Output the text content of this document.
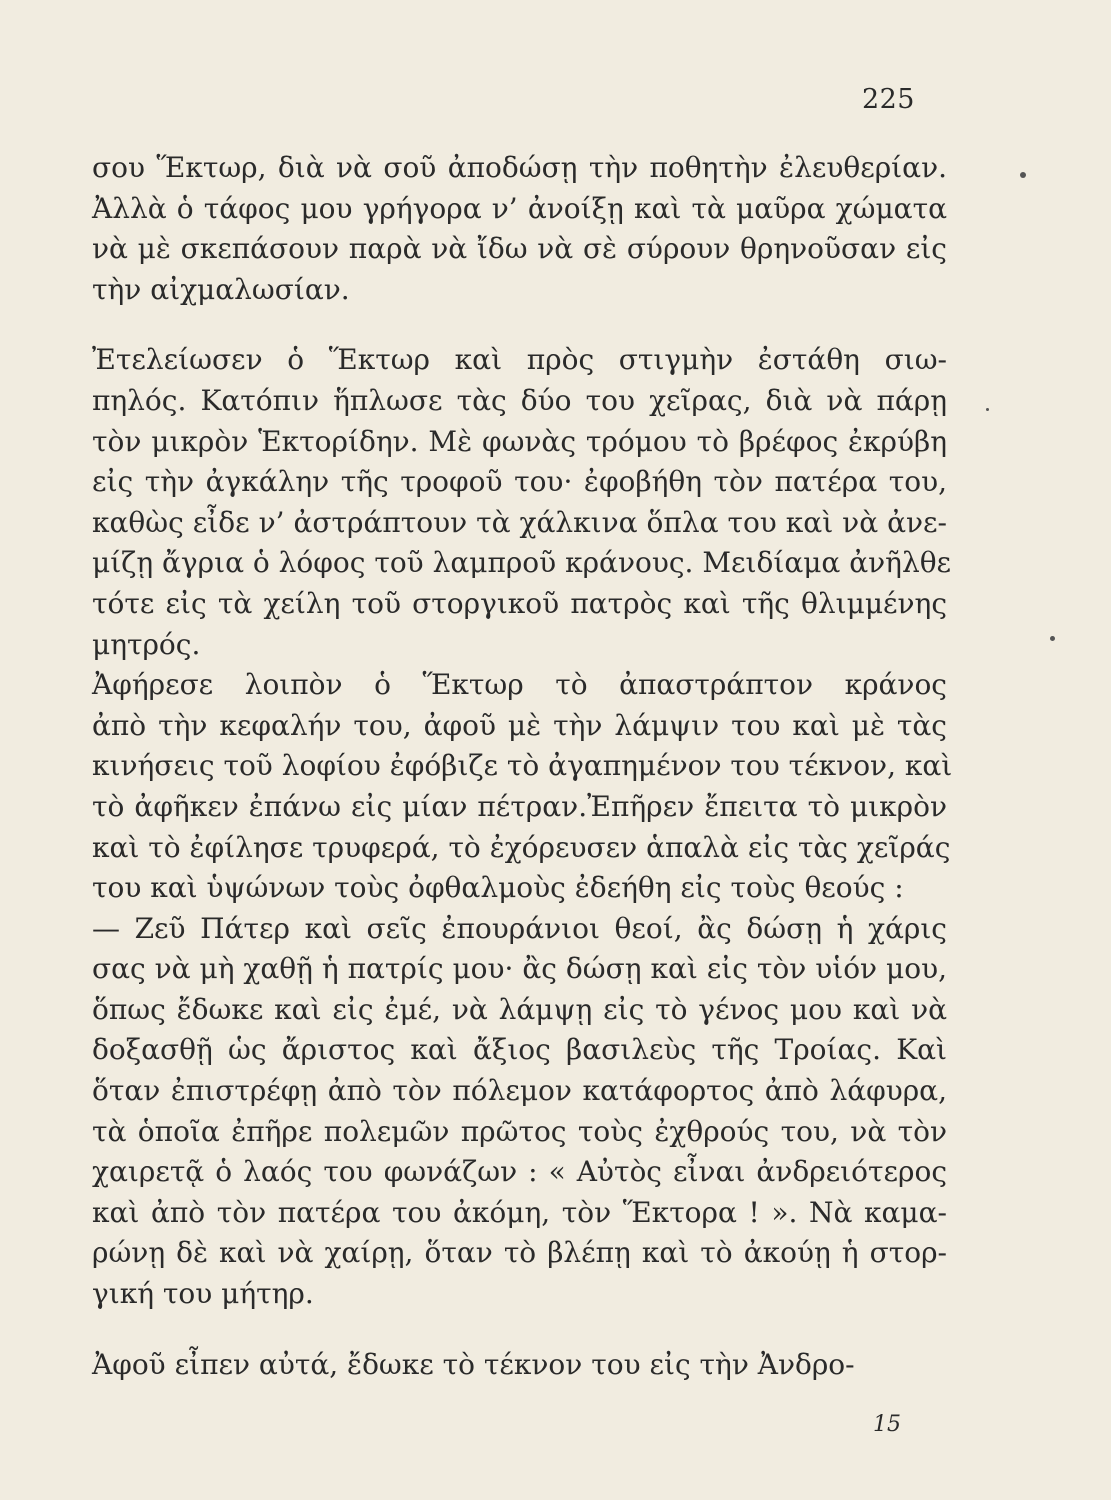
225

σου Ἕκτωρ, διὰ νὰ σοῦ ἀποδώσῃ τὴν ποθητὴν ἐλευθερίαν.
Ἀλλὰ ὁ τάφος μου γρήγορα ν’ ἀνοίξῃ καὶ τὰ μαῦρα χώματα
νὰ μὲ σκεπάσουν παρὰ νὰ ἴδω νὰ σὲ σύρουν θρηνοῦσαν εἰς
τὴν αἰχμαλωσίαν.

Ἐτελείωσεν ὁ Ἕκτωρ καὶ πρὸς στιγμὴν ἐστάθη σιω-
πηλός. Κατόπιν ἥπλωσε τὰς δύο του χεῖρας, διὰ νὰ πάρῃ
τὸν μικρὸν Ἑκτορίδην. Μὲ φωνὰς τρόμου τὸ βρέφος ἐκρύβη
εἰς τὴν ἀγκάλην τῆς τροφοῦ του· ἐφοβήθη τὸν πατέρα του,
καθὼς εἶδε ν’ ἀστράπτουν τὰ χάλκινα ὅπλα του καὶ νὰ ἀνε-
μίζῃ ἄγρια ὁ λόφος τοῦ λαμπροῦ κράνους. Μειδίαμα ἀνῆλθε
τότε εἰς τὰ χείλη τοῦ στοργικοῦ πατρὸς καὶ τῆς θλιμμένης
μητρός.

Ἀφήρεσε λοιπὸν ὁ Ἕκτωρ τὸ ἀπαστράπτον κράνος
ἀπὸ τὴν κεφαλήν του, ἀφοῦ μὲ τὴν λάμψιν του καὶ μὲ τὰς
κινήσεις τοῦ λοφίου ἐφόβιζε τὸ ἀγαπημένον του τέκνον, καὶ
τὸ ἀφῆκεν ἐπάνω εἰς μίαν πέτραν.Ἐπῆρεν ἔπειτα τὸ μικρὸν
καὶ τὸ ἐφίλησε τρυφερά, τὸ ἐχόρευσεν ἁπαλὰ εἰς τὰς χεῖράς
του καὶ ὑψώνων τοὺς ὀφθαλμοὺς ἐδεήθη εἰς τοὺς θεούς :

— Ζεῦ Πάτερ καὶ σεῖς ἐπουράνιοι θεοί, ἂς δώσῃ ἡ χάρις
σας νὰ μὴ χαθῇ ἡ πατρίς μου· ἂς δώσῃ καὶ εἰς τὸν υἱόν μου,
ὅπως ἔδωκε καὶ εἰς ἐμέ, νὰ λάμψῃ εἰς τὸ γένος μου καὶ νὰ
δοξασθῇ ὡς ἄριστος καὶ ἄξιος βασιλεὺς τῆς Τροίας. Καὶ
ὅταν ἐπιστρέφῃ ἀπὸ τὸν πόλεμον κατάφορτος ἀπὸ λάφυρα,
τὰ ὁποῖα ἐπῆρε πολεμῶν πρῶτος τοὺς ἐχθρούς του, νὰ τὸν
χαιρετᾷ ὁ λαός του φωνάζων : « Αὐτὸς εἶναι ἀνδρειότερος
καὶ ἀπὸ τὸν πατέρα του ἀκόμη, τὸν Ἕκτορα ! ». Νὰ καμα-
ρώνῃ δὲ καὶ νὰ χαίρῃ, ὅταν τὸ βλέπῃ καὶ τὸ ἀκούῃ ἡ στορ-
γική του μήτηρ.

Ἀφοῦ εἶπεν αὐτά, ἔδωκε τὸ τέκνον του εἰς τὴν Ἀνδρο-

15
